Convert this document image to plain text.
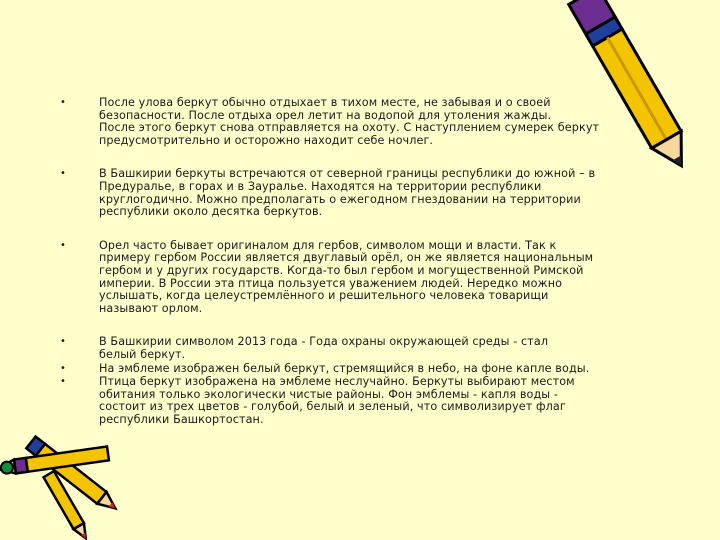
•	После улова беркут обычно отдыхает в тихом месте, не забывая и о своей
безопасности. После отдыха орел летит на водопой для утоления жажды.
После этого беркут снова отправляется на охоту. С наступлением сумерек беркут
предусмотрительно и осторожно находит себе ночлег.
•	В Башкирии беркуты встречаются от северной границы республики до южной – в
Предуралье, в горах и в Зауралье. Находятся на территории республики
круглогодично. Можно предполагать о ежегодном гнездовании на территории
республики около десятка беркутов.
•	Орел часто бывает оригиналом для гербов, символом мощи и власти. Так к
примеру гербом России является двуглавый орёл, он же является национальным
гербом и у других государств. Когда-то был гербом и могущественной Римской
империи. В России эта птица пользуется уважением людей. Нередко можно
услышать, когда целеустремлённого и решительного человека товарищи
называют орлом.
•	В Башкирии символом 2013 года - Года охраны окружающей среды - стал
белый беркут.
•	На эмблеме изображен белый беркут, стремящийся в небо, на фоне капле воды.
•	Птица беркут изображена на эмблеме неслучайно. Беркуты выбирают местом
обитания только экологически чистые районы. Фон эмблемы - капля воды -
состоит из трех цветов - голубой, белый и зеленый, что символизирует флаг
республики Башкортостан.
